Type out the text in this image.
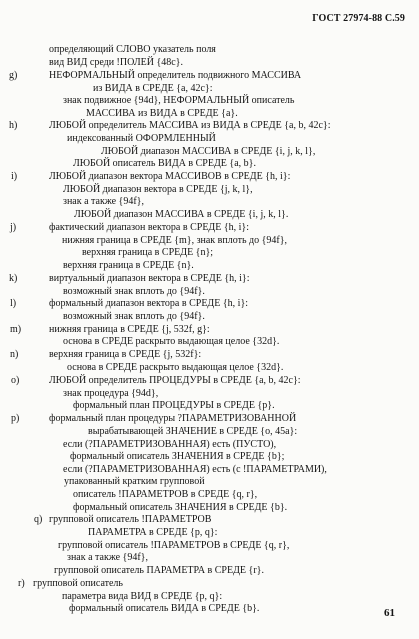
ГОСТ 27974-88 С.59
определяющий СЛОВО указатель поля
вид ВИД среди !ПОЛЕЙ {48c}.
g)	НЕФОРМАЛЬНЫЙ определитель подвижного МАССИВА
из ВИДА в СРЕДЕ {a, 42c}:
знак подвижное {94d}, НЕФОРМАЛЬНЫЙ описатель
МАССИВА из ВИДА в СРЕДЕ {a}.
h)	ЛЮБОЙ определитель МАССИВА из ВИДА в СРЕДЕ {a, b, 42c}:
индексованный ОФОРМЛЕННЫЙ
ЛЮБОЙ диапазон МАССИВА в СРЕДЕ {i, j, k, l},
ЛЮБОЙ описатель ВИДА в СРЕДЕ {a, b}.
i)	ЛЮБОЙ диапазон вектора МАССИВОВ в СРЕДЕ {h, i}:
ЛЮБОЙ диапазон вектора в СРЕДЕ {j, k, l},
знак а также {94f},
ЛЮБОЙ диапазон МАССИВА в СРЕДЕ {i, j, k, l}.
j)	фактический диапазон вектора в СРЕДЕ {h, i}:
нижняя граница в СРЕДЕ {m}, знак вплоть до {94f},
верхняя граница в СРЕДЕ {n};
верхняя граница в СРЕДЕ {n}.
k)	виртуальный диапазон вектора в СРЕДЕ {h, i}:
возможный знак вплоть до {94f}.
l)	формальный диапазон вектора в СРЕДЕ {h, i}:
возможный знак вплоть до {94f}.
m)	нижняя граница в СРЕДЕ {j, 532f, g}:
основа в СРЕДЕ раскрыто выдающая целое {32d}.
n)	верхняя граница в СРЕДЕ {j, 532f}:
основа в СРЕДЕ раскрыто выдающая целое {32d}.
o)	ЛЮБОЙ определитель ПРОЦЕДУРЫ в СРЕДЕ {a, b, 42c}:
знак процедура {94d},
формальный план ПРОЦЕДУРЫ в СРЕДЕ {p}.
p)	формальный план процедуры ?ПАРАМЕТРИЗОВАННОЙ
вырабатывающей ЗНАЧЕНИЕ в СРЕДЕ {o, 45a}:
если (?ПАРАМЕТРИЗОВАННАЯ) есть (ПУСТО),
формальный описатель ЗНАЧЕНИЯ в СРЕДЕ {b};
если (?ПАРАМЕТРИЗОВАННАЯ) есть (с !ПАРАМЕТРАМИ),
упакованный кратким групповой
описатель !ПАРАМЕТРОВ в СРЕДЕ {q, r},
формальный описатель ЗНАЧЕНИЯ в СРЕДЕ {b}.
q) групповой описатель !ПАРАМЕТРОВ
ПАРАМЕТРА в СРЕДЕ {p, q}:
групповой описатель !ПАРАМЕТРОВ в СРЕДЕ {q, r},
знак а также {94f},
групповой описатель ПАРАМЕТРА в СРЕДЕ {r}.
r) групповой описатель
параметра вида ВИД в СРЕДЕ {p, q}:
формальный описатель ВИДА в СРЕДЕ {b}.	61
